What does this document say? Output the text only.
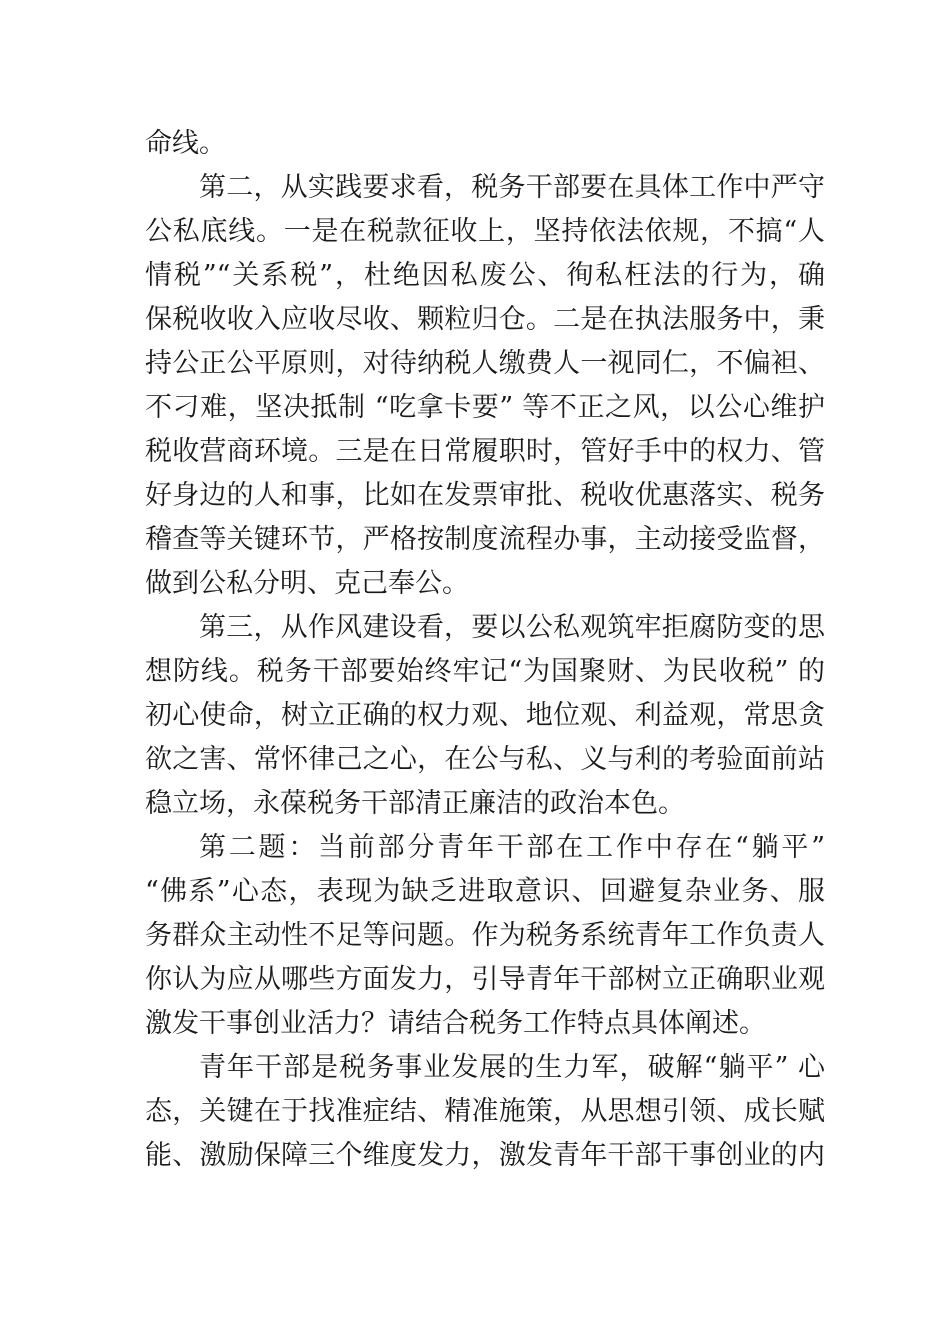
命线。
第二，从实践要求看，税务干部要在具体工作中严守
公私底线。一是在税款征收上，坚持依法依规，不搞“人
情税”“关系税”，杜绝因私废公、徇私枉法的行为，确
保税收收入应收尽收、颗粒归仓。二是在执法服务中，秉
持公正公平原则，对待纳税人缴费人一视同仁，不偏袒、
不刁难，坚决抵制 “吃拿卡要” 等不正之风，以公心维护
税收营商环境。三是在日常履职时，管好手中的权力、管
好身边的人和事，比如在发票审批、税收优惠落实、税务
稽查等关键环节，严格按制度流程办事，主动接受监督，
做到公私分明、克己奉公。
第三，从作风建设看，要以公私观筑牢拒腐防变的思
想防线。税务干部要始终牢记“为国聚财、为民收税” 的
初心使命，树立正确的权力观、地位观、利益观，常思贪
欲之害、常怀律己之心，在公与私、义与利的考验面前站
稳立场，永葆税务干部清正廉洁的政治本色。
第二题：当前部分青年干部在工作中存在“躺平”
“佛系”心态，表现为缺乏进取意识、回避复杂业务、服
务群众主动性不足等问题。作为税务系统青年工作负责人
你认为应从哪些方面发力，引导青年干部树立正确职业观
激发干事创业活力？请结合税务工作特点具体阐述。
青年干部是税务事业发展的生力军，破解“躺平” 心
态，关键在于找准症结、精准施策，从思想引领、成长赋
能、激励保障三个维度发力，激发青年干部干事创业的内
